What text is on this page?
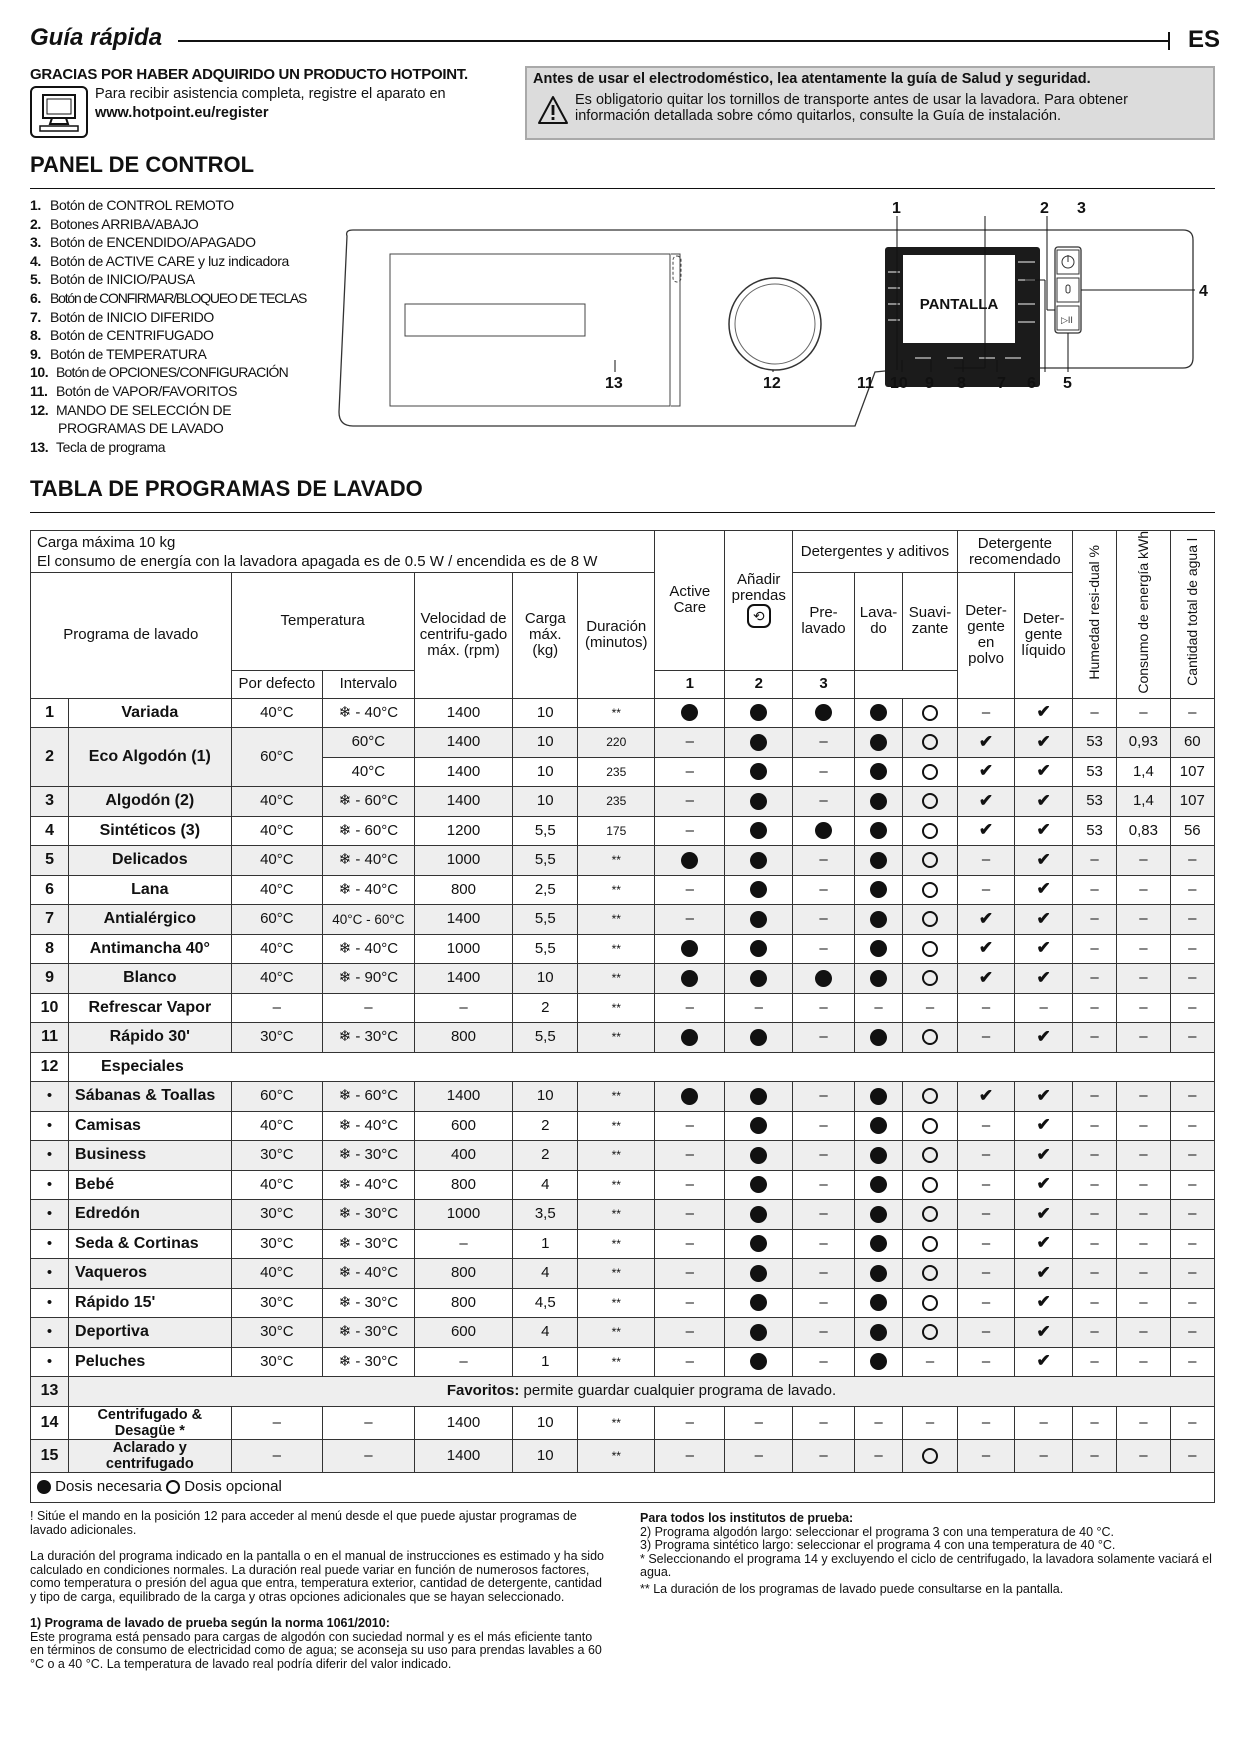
Guía rápida	ES
GRACIAS POR HABER ADQUIRIDO UN PRODUCTO HOTPOINT.
Para recibir asistencia completa, registre el aparato en
www.hotpoint.eu/register
Antes de usar el electrodoméstico, lea atentamente la guía de Salud y seguridad.
Es obligatorio quitar los tornillos de transporte antes de usar la lavadora. Para obtener información detallada sobre cómo quitarlos, consulte la Guía de instalación.
PANEL DE CONTROL
1. Botón de CONTROL REMOTO
2. Botones ARRIBA/ABAJO
3. Botón de ENCENDIDO/APAGADO
4. Botón de ACTIVE CARE y luz indicadora
5. Botón de INICIO/PAUSA
6. Botón de CONFIRMAR/BLOQUEO DE TECLAS
7. Botón de INICIO DIFERIDO
8. Botón de CENTRIFUGADO
9. Botón de TEMPERATURA
10. Botón de OPCIONES/CONFIGURACIÓN
11. Botón de VAPOR/FAVORITOS
12. MANDO DE SELECCIÓN DE
PROGRAMAS DE LAVADO
13. Tecla de programa
▷II
PANTALLA
1	2 3
4
5
6
7
8
9
10
11
12
13
TABLA DE PROGRAMAS DE LAVADO
Carga máxima 10 kg
El consumo de energía con la lavadora apagada es de 0.5 W / encendida es de 8 W							Active Care	Añadir prendas
⟲	Detergentes y aditivos			Detergente recomendado		Humedad resi-dual %	Consumo de energía kWh	Cantidad total de agua l
Programa de lavado		Temperatura		Velocidad de centrifu-gado máx. (rpm)	Carga máx. (kg)	Duración (minutos)			Pre-lavado	Lava-do	Suavi-zante	Deter-gente en polvo	Deter-gente líquido			

		Por defecto	Intervalo				1	2	3							
1	Variada	40°C	❄ - 40°C	1400	10	**						–	✔	–	–	–
2	Eco Algodón (1)	60°C	60°C	1400	10	220	–		–			✔	✔	53	0,93	60
			40°C	1400	10	235	–		–			✔	✔	53	1,4	107
3	Algodón (2)	40°C	❄ - 60°C	1400	10	235	–		–			✔	✔	53	1,4	107
4	Sintéticos (3)	40°C	❄ - 60°C	1200	5,5	175	–					✔	✔	53	0,83	56
5	Delicados	40°C	❄ - 40°C	1000	5,5	**			–			–	✔	–	–	–
6	Lana	40°C	❄ - 40°C	800	2,5	**	–		–			–	✔	–	–	–
7	Antialérgico	60°C	40°C - 60°C	1400	5,5	**	–		–			✔	✔	–	–	–
8	Antimancha 40°	40°C	❄ - 40°C	1000	5,5	**			–			✔	✔	–	–	–
9	Blanco	40°C	❄ - 90°C	1400	10	**						✔	✔	–	–	–
10	Refrescar Vapor	–	–	–	2	**	–	–	–	–	–	–	–	–	–	–
11	Rápido 30'	30°C	❄ - 30°C	800	5,5	**			–			–	✔	–	–	–
12	Especiales															
•	Sábanas & Toallas	60°C	❄ - 60°C	1400	10	**			–			✔	✔	–	–	–
•	Camisas	40°C	❄ - 40°C	600	2	**	–		–			–	✔	–	–	–
•	Business	30°C	❄ - 30°C	400	2	**	–		–			–	✔	–	–	–
•	Bebé	40°C	❄ - 40°C	800	4	**	–		–			–	✔	–	–	–
•	Edredón	30°C	❄ - 30°C	1000	3,5	**	–		–			–	✔	–	–	–
•	Seda & Cortinas	30°C	❄ - 30°C	–	1	**	–		–			–	✔	–	–	–
•	Vaqueros	40°C	❄ - 40°C	800	4	**	–		–			–	✔	–	–	–
•	Rápido 15'	30°C	❄ - 30°C	800	4,5	**	–		–			–	✔	–	–	–
•	Deportiva	30°C	❄ - 30°C	600	4	**	–		–			–	✔	–	–	–
•	Peluches	30°C	❄ - 30°C	–	1	**	–		–		–	–	✔	–	–	–
13	Favoritos: permite guardar cualquier programa de lavado.															
14	Centrifugado & Desagüe *	–	–	1400	10	**	–	–	–	–	–	–	–	–	–	–
15	Aclarado y centrifugado	–	–	1400	10	**	–	–	–	–		–	–	–	–	–
Dosis necesaria Dosis opcional																

! Sitúe el mando en la posición 12 para acceder al menú desde el que puede ajustar programas de lavado adicionales.

La duración del programa indicado en la pantalla o en el manual de instrucciones es estimado y ha sido calculado en condiciones normales. La duración real puede variar en función de numerosos factores, como temperatura o presión del agua que entra, temperatura exterior, cantidad de detergente, cantidad y tipo de carga, equilibrado de la carga y otras opciones adicionales que se hayan seleccionado.

1) Programa de lavado de prueba según la norma 1061/2010:
Este programa está pensado para cargas de algodón con suciedad normal y es el más eficiente tanto en términos de consumo de electricidad como de agua; se aconseja su uso para prendas lavables a 60 °C o a 40 °C. La temperatura de lavado real podría diferir del valor indicado.
Para todos los institutos de prueba:
2) Programa algodón largo: seleccionar el programa 3 con una temperatura de 40 °C.
3) Programa sintético largo: seleccionar el programa 4 con una temperatura de 40 °C.
* Seleccionando el programa 14 y excluyendo el ciclo de centrifugado, la lavadora solamente vaciará el agua.
** La duración de los programas de lavado puede consultarse en la pantalla.
